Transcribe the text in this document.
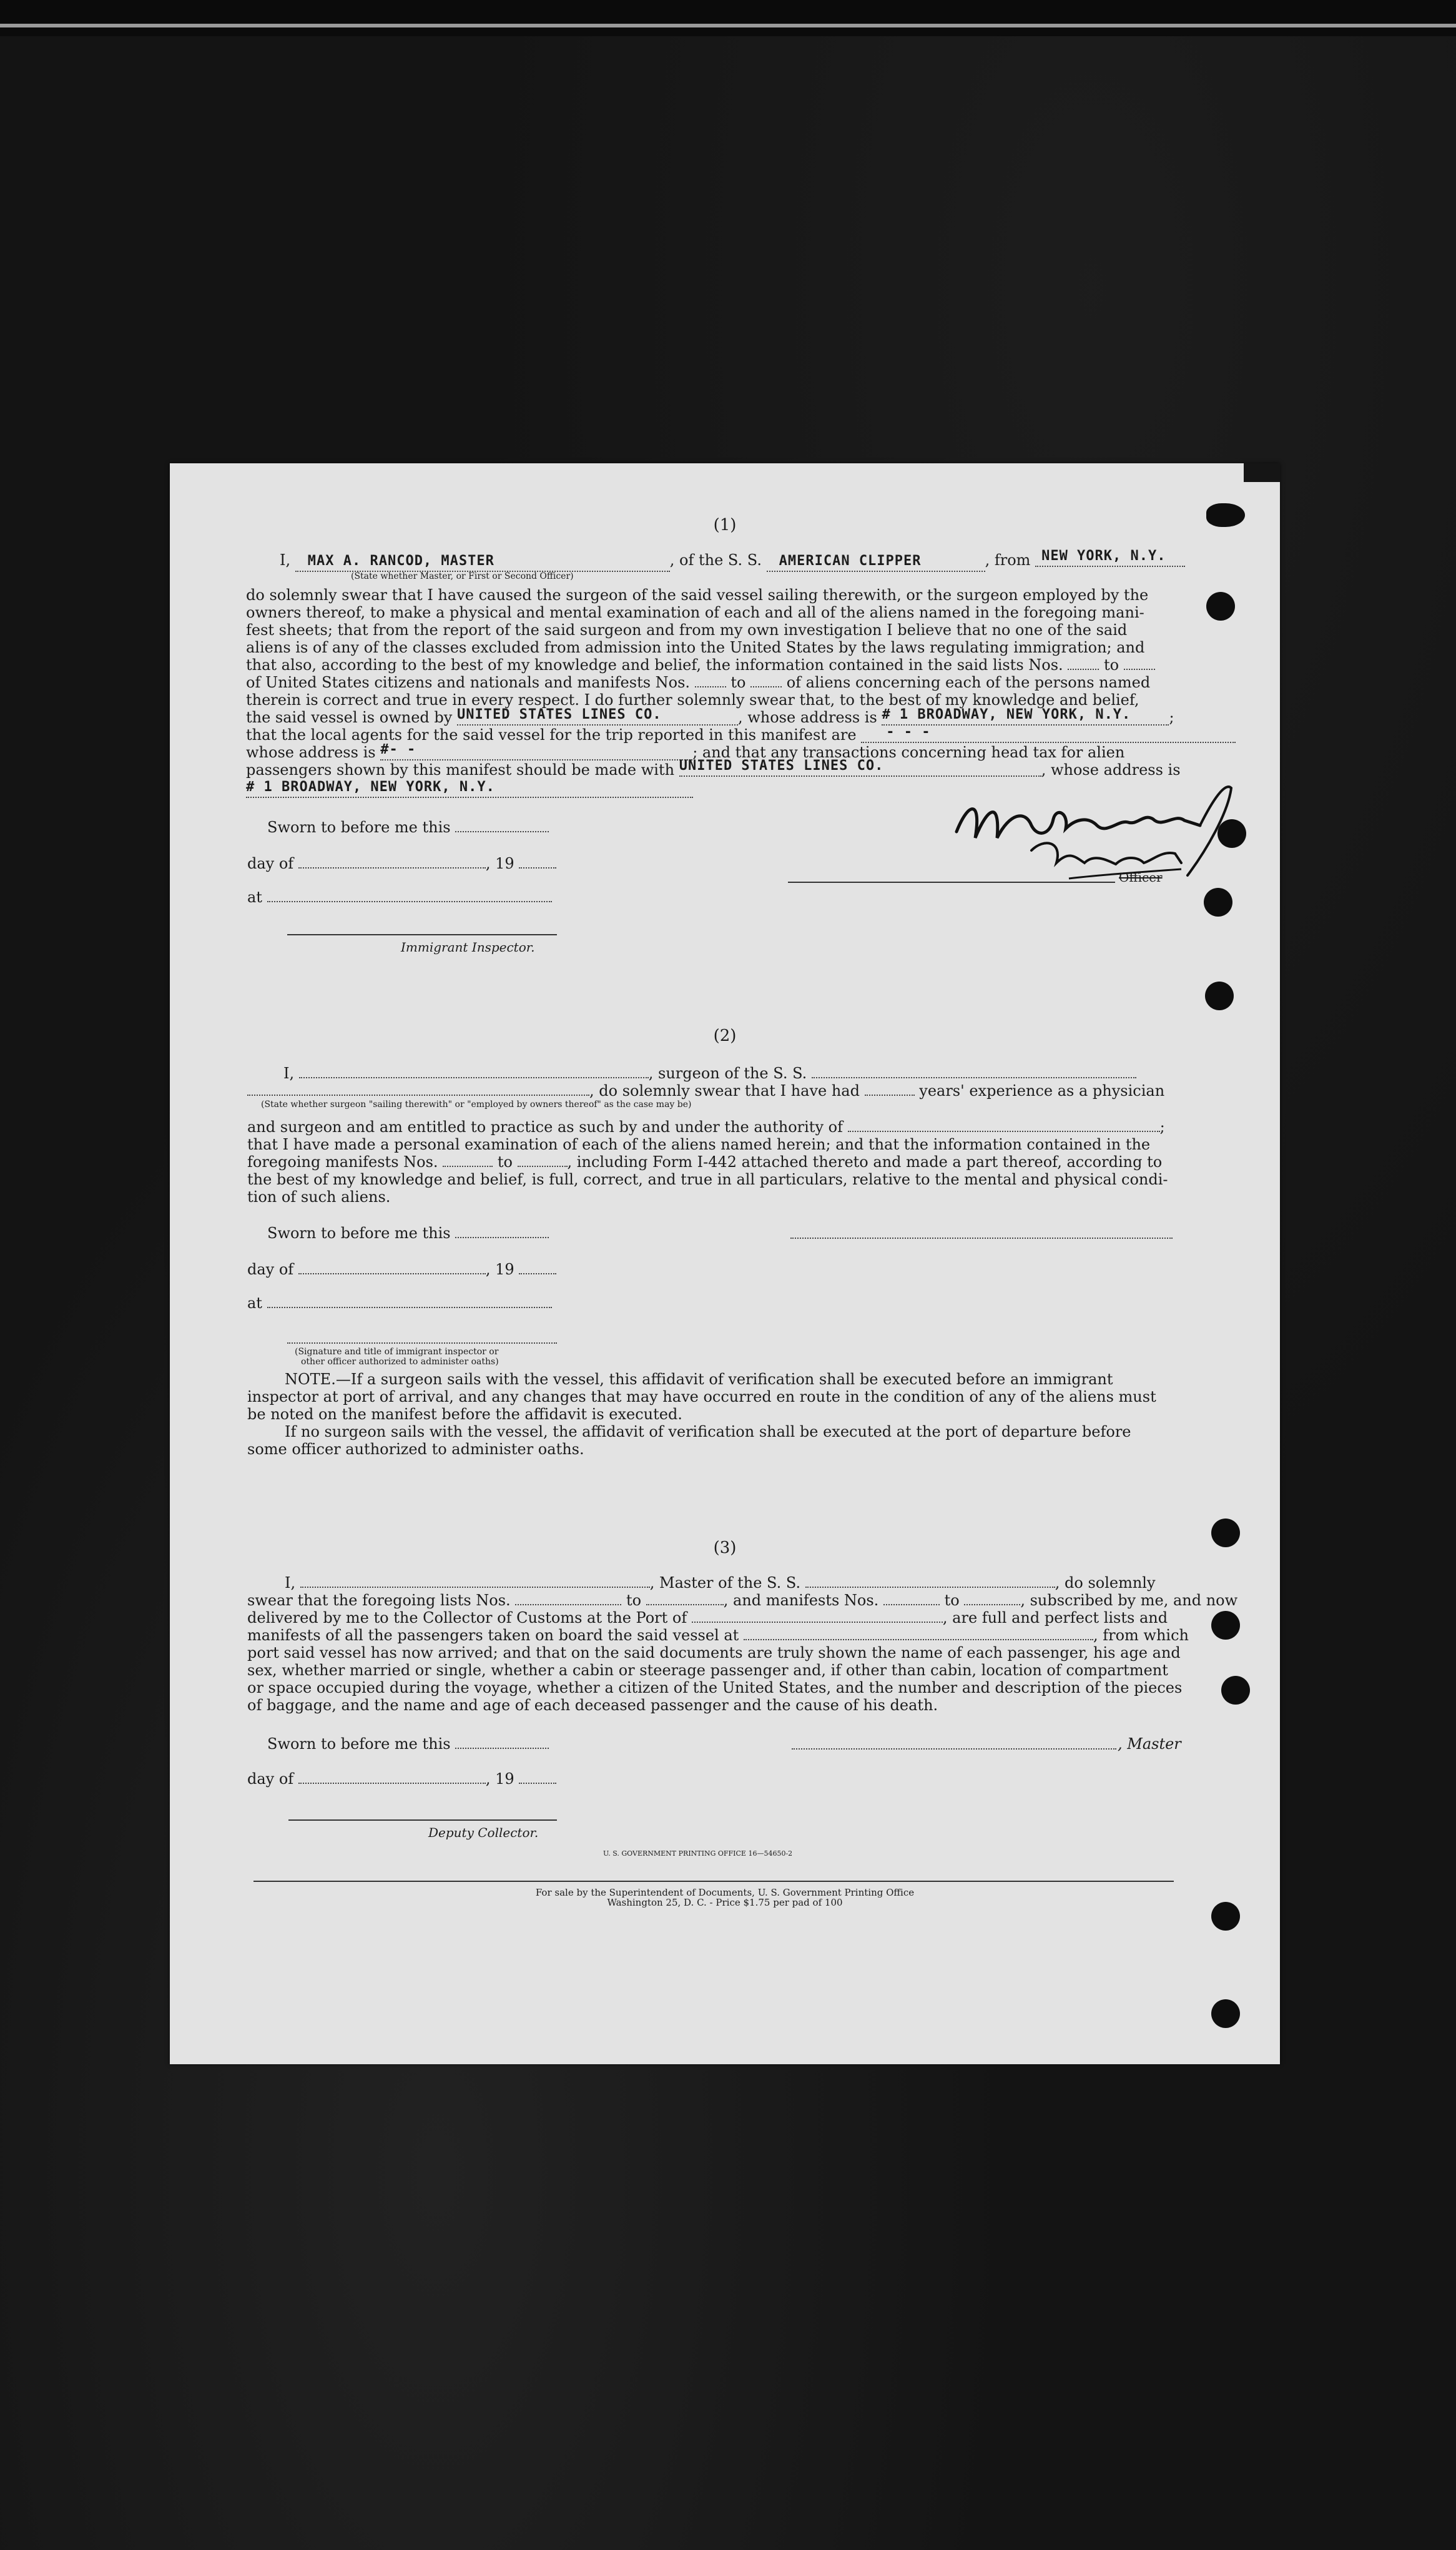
(1)
I, MAX A. RANCOD, MASTER	, of the S. S. AMERICAN CLIPPER	, from NEW YORK, N.Y.
(State whether Master, or First or Second Officer)
do solemnly swear that I have caused the surgeon of the said vessel sailing therewith, or the surgeon employed by the
owners thereof, to make a physical and mental examination of each and all of the aliens named in the foregoing mani-
fest sheets; that from the report of the said surgeon and from my own investigation I believe that no one of the said
aliens is of any of the classes excluded from admission into the United States by the laws regulating immigration; and
that also, according to the best of my knowledge and belief, the information contained in the said lists Nos.	to
of United States citizens and nationals and manifests Nos.	to	of aliens concerning each of the persons named
therein is correct and true in every respect. I do further solemnly swear that, to the best of my knowledge and belief,
the said vessel is owned by UNITED STATES LINES CO.	, whose address is # 1 BROADWAY, NEW YORK, N.Y.	;
that the local agents for the said vessel for the trip reported in this manifest are - - -
whose address is #- -	; and that any transactions concerning head tax for alien
passengers shown by this manifest should be made with UNITED STATES LINES CO.	, whose address is
# 1 BROADWAY, NEW YORK, N.Y.
Sworn to before me this
day of	, 19
at
Immigrant Inspector.
Officer
(2)
I,	, surgeon of the S. S.
, do solemnly swear that I have had	years' experience as a physician
(State whether surgeon "sailing therewith" or "employed by owners thereof" as the case may be)
and surgeon and am entitled to practice as such by and under the authority of	;
that I have made a personal examination of each of the aliens named herein; and that the information contained in the
foregoing manifests Nos.	to	, including Form I-442 attached thereto and made a part thereof, according to
the best of my knowledge and belief, is full, correct, and true in all particulars, relative to the mental and physical condi-
tion of such aliens.
Sworn to before me this
day of	, 19
at
(Signature and title of immigrant inspector or
other officer authorized to administer oaths)
NOTE.—If a surgeon sails with the vessel, this affidavit of verification shall be executed before an immigrant
inspector at port of arrival, and any changes that may have occurred en route in the condition of any of the aliens must
be noted on the manifest before the affidavit is executed.
If no surgeon sails with the vessel, the affidavit of verification shall be executed at the port of departure before
some officer authorized to administer oaths.
(3)
I,	, Master of the S. S.	, do solemnly
swear that the foregoing lists Nos.	to	, and manifests Nos.	to	, subscribed by me, and now
delivered by me to the Collector of Customs at the Port of	, are full and perfect lists and
manifests of all the passengers taken on board the said vessel at	, from which
port said vessel has now arrived; and that on the said documents are truly shown the name of each passenger, his age and
sex, whether married or single, whether a cabin or steerage passenger and, if other than cabin, location of compartment
or space occupied during the voyage, whether a citizen of the United States, and the number and description of the pieces
of baggage, and the name and age of each deceased passenger and the cause of his death.
Sworn to before me this	, Master
day of	, 19
Deputy Collector.
U. S. GOVERNMENT PRINTING OFFICE 16—54650-2
For sale by the Superintendent of Documents, U. S. Government Printing Office
Washington 25, D. C. - Price $1.75 per pad of 100
